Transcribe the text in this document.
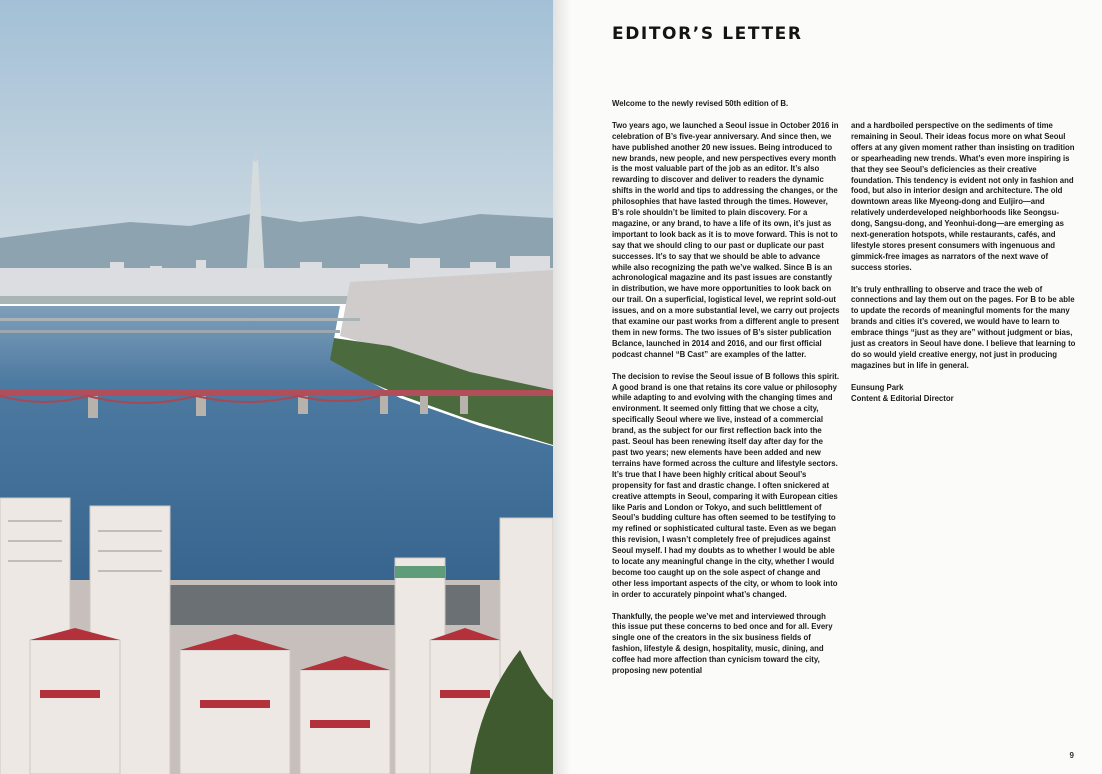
EDITOR’S LETTER

Welcome to the newly revised 50th edition of B.

Two years ago, we launched a Seoul issue in October 2016 in celebration of B’s five-year anniversary. And since then, we have published another 20 new issues. Being introduced to new brands, new people, and new perspectives every month is the most valuable part of the job as an editor. It’s also rewarding to discover and deliver to readers the dynamic shifts in the world and tips to addressing the changes, or the philosophies that have lasted through the times. However, B’s role shouldn’t be limited to plain discovery. For a magazine, or any brand, to have a life of its own, it’s just as important to look back as it is to move forward. This is not to say that we should cling to our past or duplicate our past successes. It’s to say that we should be able to advance while also recognizing the path we’ve walked. Since B is an achronological magazine and its past issues are constantly in distribution, we have more opportunities to look back on our trail. On a superficial, logistical level, we reprint sold-out issues, and on a more substantial level, we carry out projects that examine our past works from a different angle to present them in new forms. The two issues of B’s sister publication Bclance, launched in 2014 and 2016, and our first official podcast channel “B Cast” are examples of the latter.

The decision to revise the Seoul issue of B follows this spirit. A good brand is one that retains its core value or philosophy while adapting to and evolving with the changing times and environment. It seemed only fitting that we chose a city, specifically Seoul where we live, instead of a commercial brand, as the subject for our first reflection back into the past. Seoul has been renewing itself day after day for the past two years; new elements have been added and new terrains have formed across the culture and lifestyle sectors. It’s true that I have been highly critical about Seoul’s propensity for fast and drastic change. I often snickered at creative attempts in Seoul, comparing it with European cities like Paris and London or Tokyo, and such belittlement of Seoul’s budding culture has often seemed to be testifying to my refined or sophisticated cultural taste. Even as we began this revision, I wasn’t completely free of prejudices against Seoul myself. I had my doubts as to whether I would be able to locate any meaningful change in the city, whether I would become too caught up on the sole aspect of change and other less important aspects of the city, or whom to look into in order to accurately pinpoint what’s changed.

Thankfully, the people we’ve met and interviewed through this issue put these concerns to bed once and for all. Every single one of the creators in the six business fields of fashion, lifestyle & design, hospitality, music, dining, and coffee had more affection than cynicism toward the city, proposing new potential

and a hardboiled perspective on the sediments of time remaining in Seoul. Their ideas focus more on what Seoul offers at any given moment rather than insisting on tradition or spearheading new trends. What’s even more inspiring is that they see Seoul’s deficiencies as their creative foundation. This tendency is evident not only in fashion and food, but also in interior design and architecture. The old downtown areas like Myeong-dong and Euljiro—and relatively underdeveloped neighborhoods like Seongsu-dong, Sangsu-dong, and Yeonhui-dong—are emerging as next-generation hotspots, while restaurants, cafés, and lifestyle stores present consumers with ingenuous and gimmick-free images as narrators of the next wave of success stories.

It’s truly enthralling to observe and trace the web of connections and lay them out on the pages. For B to be able to update the records of meaningful moments for the many brands and cities it’s covered, we would have to learn to embrace things “just as they are” without judgment or bias, just as creators in Seoul have done. I believe that learning to do so would yield creative energy, not just in producing magazines but in life in general.

Eunsung Park
Content & Editorial Director
9
